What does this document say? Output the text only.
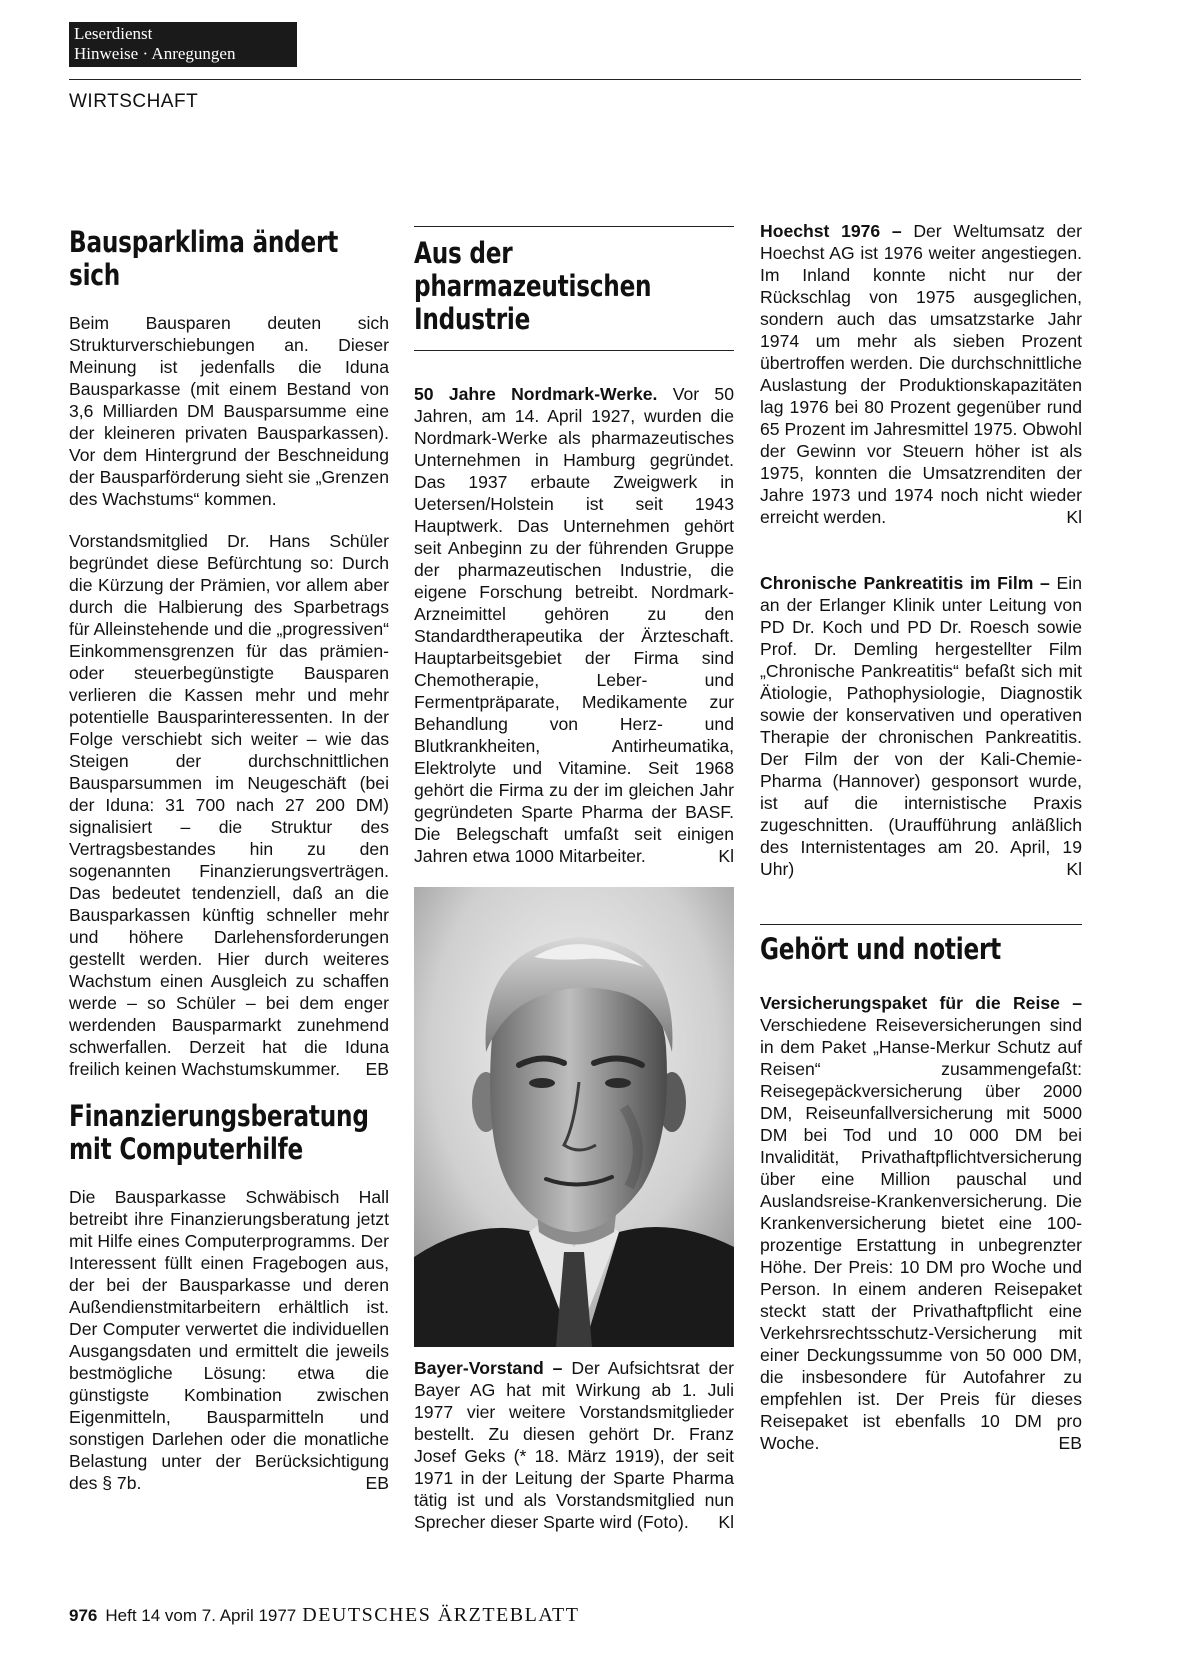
Leserdienst
Hinweise · Anregungen
WIRTSCHAFT
Bausparklima ändert sich

Beim Bausparen deuten sich Strukturverschiebungen an. Dieser Meinung ist jedenfalls die Iduna Bausparkasse (mit einem Bestand von 3,6 Milliarden DM Bausparsumme eine der kleineren privaten Bausparkassen). Vor dem Hintergrund der Beschneidung der Bausparförderung sieht sie „Grenzen des Wachstums“ kommen.

Vorstandsmitglied Dr. Hans Schüler begründet diese Befürchtung so: Durch die Kürzung der Prämien, vor allem aber durch die Halbierung des Sparbetrags für Alleinstehende und die „progressiven“ Einkommensgrenzen für das prämien- oder steuerbegünstigte Bausparen verlieren die Kassen mehr und mehr potentielle Bausparinteressenten. In der Folge verschiebt sich weiter – wie das Steigen der durchschnittlichen Bausparsummen im Neugeschäft (bei der Iduna: 31 700 nach 27 200 DM) signalisiert – die Struktur des Vertragsbestandes hin zu den sogenannten Finanzierungsverträgen. Das bedeutet tendenziell, daß an die Bausparkassen künftig schneller mehr und höhere Darlehensforderungen gestellt werden. Hier durch weiteres Wachstum einen Ausgleich zu schaffen werde – so Schüler – bei dem enger werdenden Bausparmarkt zunehmend schwerfallen. Derzeit hat die Iduna freilich keinen Wachstumskummer. EB

Finanzierungsberatung
mit Computerhilfe

Die Bausparkasse Schwäbisch Hall betreibt ihre Finanzierungsberatung jetzt mit Hilfe eines Computerprogramms. Der Interessent füllt einen Fragebogen aus, der bei der Bausparkasse und deren Außendienstmitarbeitern erhältlich ist. Der Computer verwertet die individuellen Ausgangsdaten und ermittelt die jeweils bestmögliche Lösung: etwa die günstigste Kombination zwischen Eigenmitteln, Bausparmitteln und sonstigen Darlehen oder die monatliche Belastung unter der Berücksichtigung des § 7b.	EB

Aus der
pharmazeutischen
Industrie

50 Jahre Nordmark-Werke. Vor 50 Jahren, am 14. April 1927, wurden die Nordmark-Werke als pharmazeutisches Unternehmen in Hamburg gegründet. Das 1937 erbaute Zweigwerk in Uetersen/Holstein ist seit 1943 Hauptwerk. Das Unternehmen gehört seit Anbeginn zu der führenden Gruppe der pharmazeutischen Industrie, die eigene Forschung betreibt. Nordmark-Arzneimittel gehören zu den Standardtherapeutika der Ärzteschaft. Hauptarbeitsgebiet der Firma sind Chemotherapie, Leber- und Fermentpräparate, Medikamente zur Behandlung von Herz- und Blutkrankheiten, Antirheumatika, Elektrolyte und Vitamine. Seit 1968 gehört die Firma zu der im gleichen Jahr gegründeten Sparte Pharma der BASF. Die Belegschaft umfaßt seit einigen Jahren etwa 1000 Mitarbeiter.	Kl

Bayer-Vorstand – Der Aufsichtsrat der Bayer AG hat mit Wirkung ab 1. Juli 1977 vier weitere Vorstandsmitglieder bestellt. Zu diesen gehört Dr. Franz Josef Geks (* 18. März 1919), der seit 1971 in der Leitung der Sparte Pharma tätig ist und als Vorstandsmitglied nun Sprecher dieser Sparte wird (Foto). Kl

Hoechst 1976 – Der Weltumsatz der Hoechst AG ist 1976 weiter angestiegen. Im Inland konnte nicht nur der Rückschlag von 1975 ausgeglichen, sondern auch das umsatzstarke Jahr 1974 um mehr als sieben Prozent übertroffen werden. Die durchschnittliche Auslastung der Produktionskapazitäten lag 1976 bei 80 Prozent gegenüber rund 65 Prozent im Jahresmittel 1975. Obwohl der Gewinn vor Steuern höher ist als 1975, konnten die Umsatzrenditen der Jahre 1973 und 1974 noch nicht wieder erreicht werden.	Kl

Chronische Pankreatitis im Film – Ein an der Erlanger Klinik unter Leitung von PD Dr. Koch und PD Dr. Roesch sowie Prof. Dr. Demling hergestellter Film „Chronische Pankreatitis“ befaßt sich mit Ätiologie, Pathophysiologie, Diagnostik sowie der konservativen und operativen Therapie der chronischen Pankreatitis. Der Film der von der Kali-Chemie-Pharma (Hannover) gesponsort wurde, ist auf die internistische Praxis zugeschnitten. (Uraufführung anläßlich des Internistentages am 20. April, 19 Uhr)	Kl

Gehört und notiert

Versicherungspaket für die Reise – Verschiedene Reiseversicherungen sind in dem Paket „Hanse-Merkur Schutz auf Reisen“ zusammengefaßt: Reisegepäckversicherung über 2000 DM, Reiseunfallversicherung mit 5000 DM bei Tod und 10 000 DM bei Invalidität, Privathaftpflichtversicherung über eine Million pauschal und Auslandsreise-Krankenversicherung. Die Krankenversicherung bietet eine 100-prozentige Erstattung in unbegrenzter Höhe. Der Preis: 10 DM pro Woche und Person. In einem anderen Reisepaket steckt statt der Privathaftpflicht eine Verkehrsrechtsschutz-Versicherung mit einer Deckungssumme von 50 000 DM, die insbesondere für Autofahrer zu empfehlen ist. Der Preis für dieses Reisepaket ist ebenfalls 10 DM pro Woche.	EB

976 Heft 14 vom 7. April 1977 DEUTSCHES ÄRZTEBLATT
